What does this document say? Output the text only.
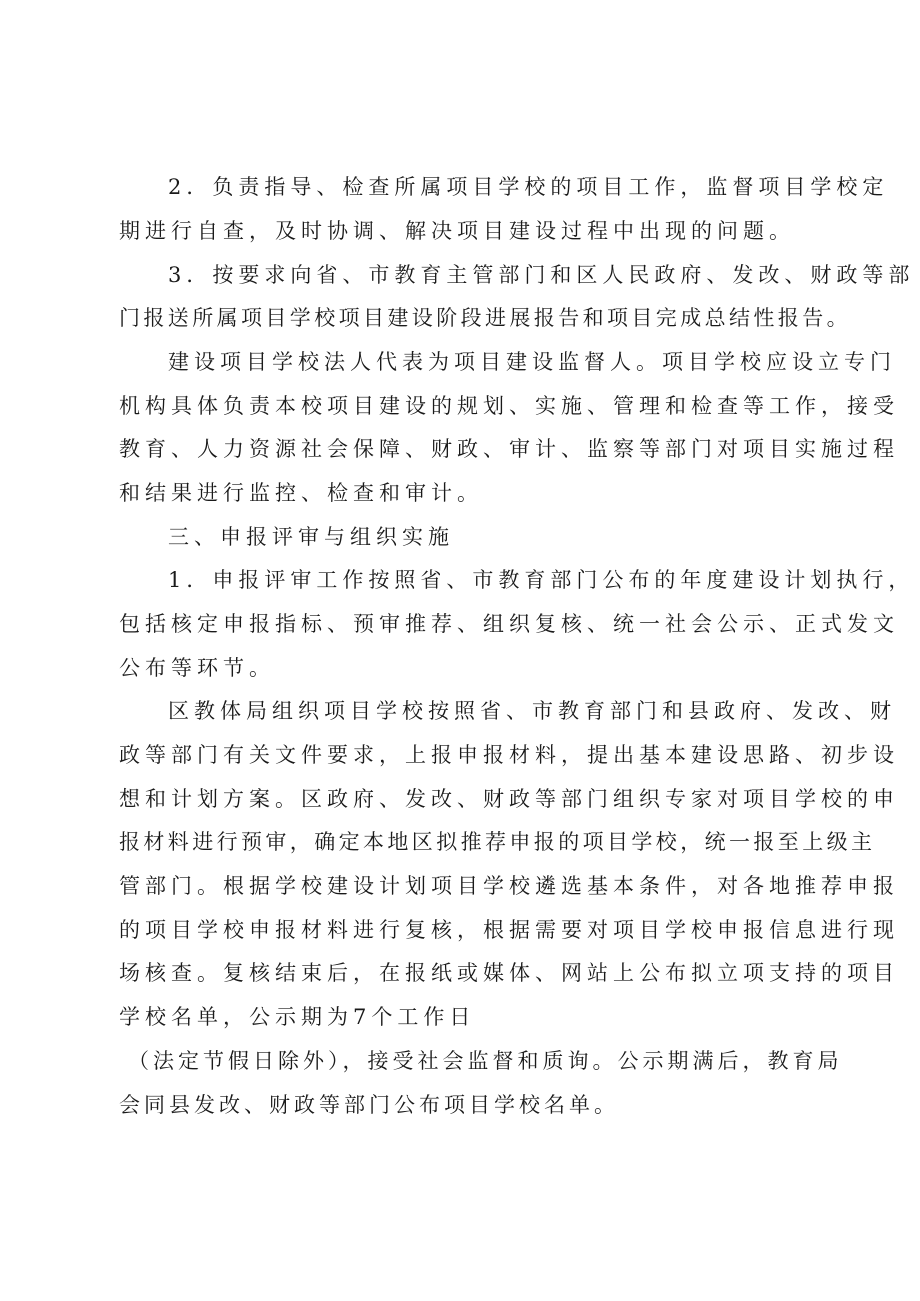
2．负责指导、检查所属项目学校的项目工作，监督项目学校定
期进行自查，及时协调、解决项目建设过程中出现的问题。
3．按要求向省、市教育主管部门和区人民政府、发改、财政等部
门报送所属项目学校项目建设阶段进展报告和项目完成总结性报告。
建设项目学校法人代表为项目建设监督人。项目学校应设立专门
机构具体负责本校项目建设的规划、实施、管理和检查等工作，接受
教育、人力资源社会保障、财政、审计、监察等部门对项目实施过程
和结果进行监控、检查和审计。
三、申报评审与组织实施
1．申报评审工作按照省、市教育部门公布的年度建设计划执行，
包括核定申报指标、预审推荐、组织复核、统一社会公示、正式发文
公布等环节。
区教体局组织项目学校按照省、市教育部门和县政府、发改、财
政等部门有关文件要求，上报申报材料，提出基本建设思路、初步设
想和计划方案。区政府、发改、财政等部门组织专家对项目学校的申
报材料进行预审，确定本地区拟推荐申报的项目学校，统一报至上级主
管部门。根据学校建设计划项目学校遴选基本条件，对各地推荐申报
的项目学校申报材料进行复核，根据需要对项目学校申报信息进行现
场核查。复核结束后，在报纸或媒体、网站上公布拟立项支持的项目
学校名单，公示期为7个工作日
（法定节假日除外），接受社会监督和质询。公示期满后，教育局
会同县发改、财政等部门公布项目学校名单。
